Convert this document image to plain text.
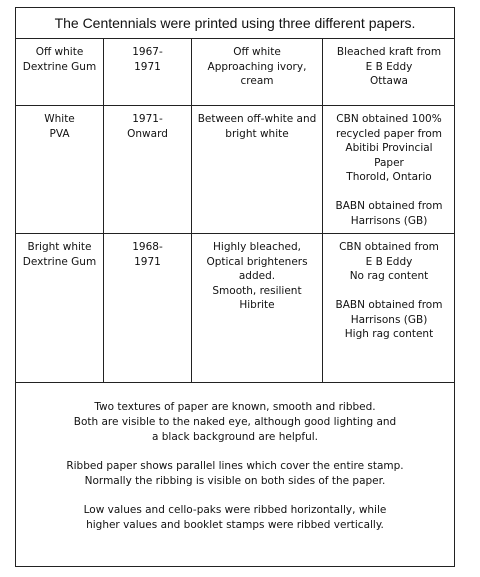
The Centennials were printed using three different papers.
Off white
Dextrine Gum
1967-
1971
Off white
Approaching ivory, cream
Bleached kraft from
E B Eddy
Ottawa
White
PVA
1971-
Onward
Between off-white and
bright white
CBN obtained 100%
recycled paper from
Abitibi Provincial
Paper
Thorold, Ontario

BABN obtained from
Harrisons (GB)
Bright white
Dextrine Gum
1968-
1971
Highly bleached,
Optical brighteners
added.
Smooth, resilient
Hibrite
CBN obtained from
E B Eddy
No rag content

BABN obtained from
Harrisons (GB)
High rag content

Two textures of paper are known, smooth and ribbed.
Both are visible to the naked eye, although good lighting and
a black background are helpful.

Ribbed paper shows parallel lines which cover the entire stamp.
Normally the ribbing is visible on both sides of the paper.

Low values and cello-paks were ribbed horizontally, while
higher values and booklet stamps were ribbed vertically.
